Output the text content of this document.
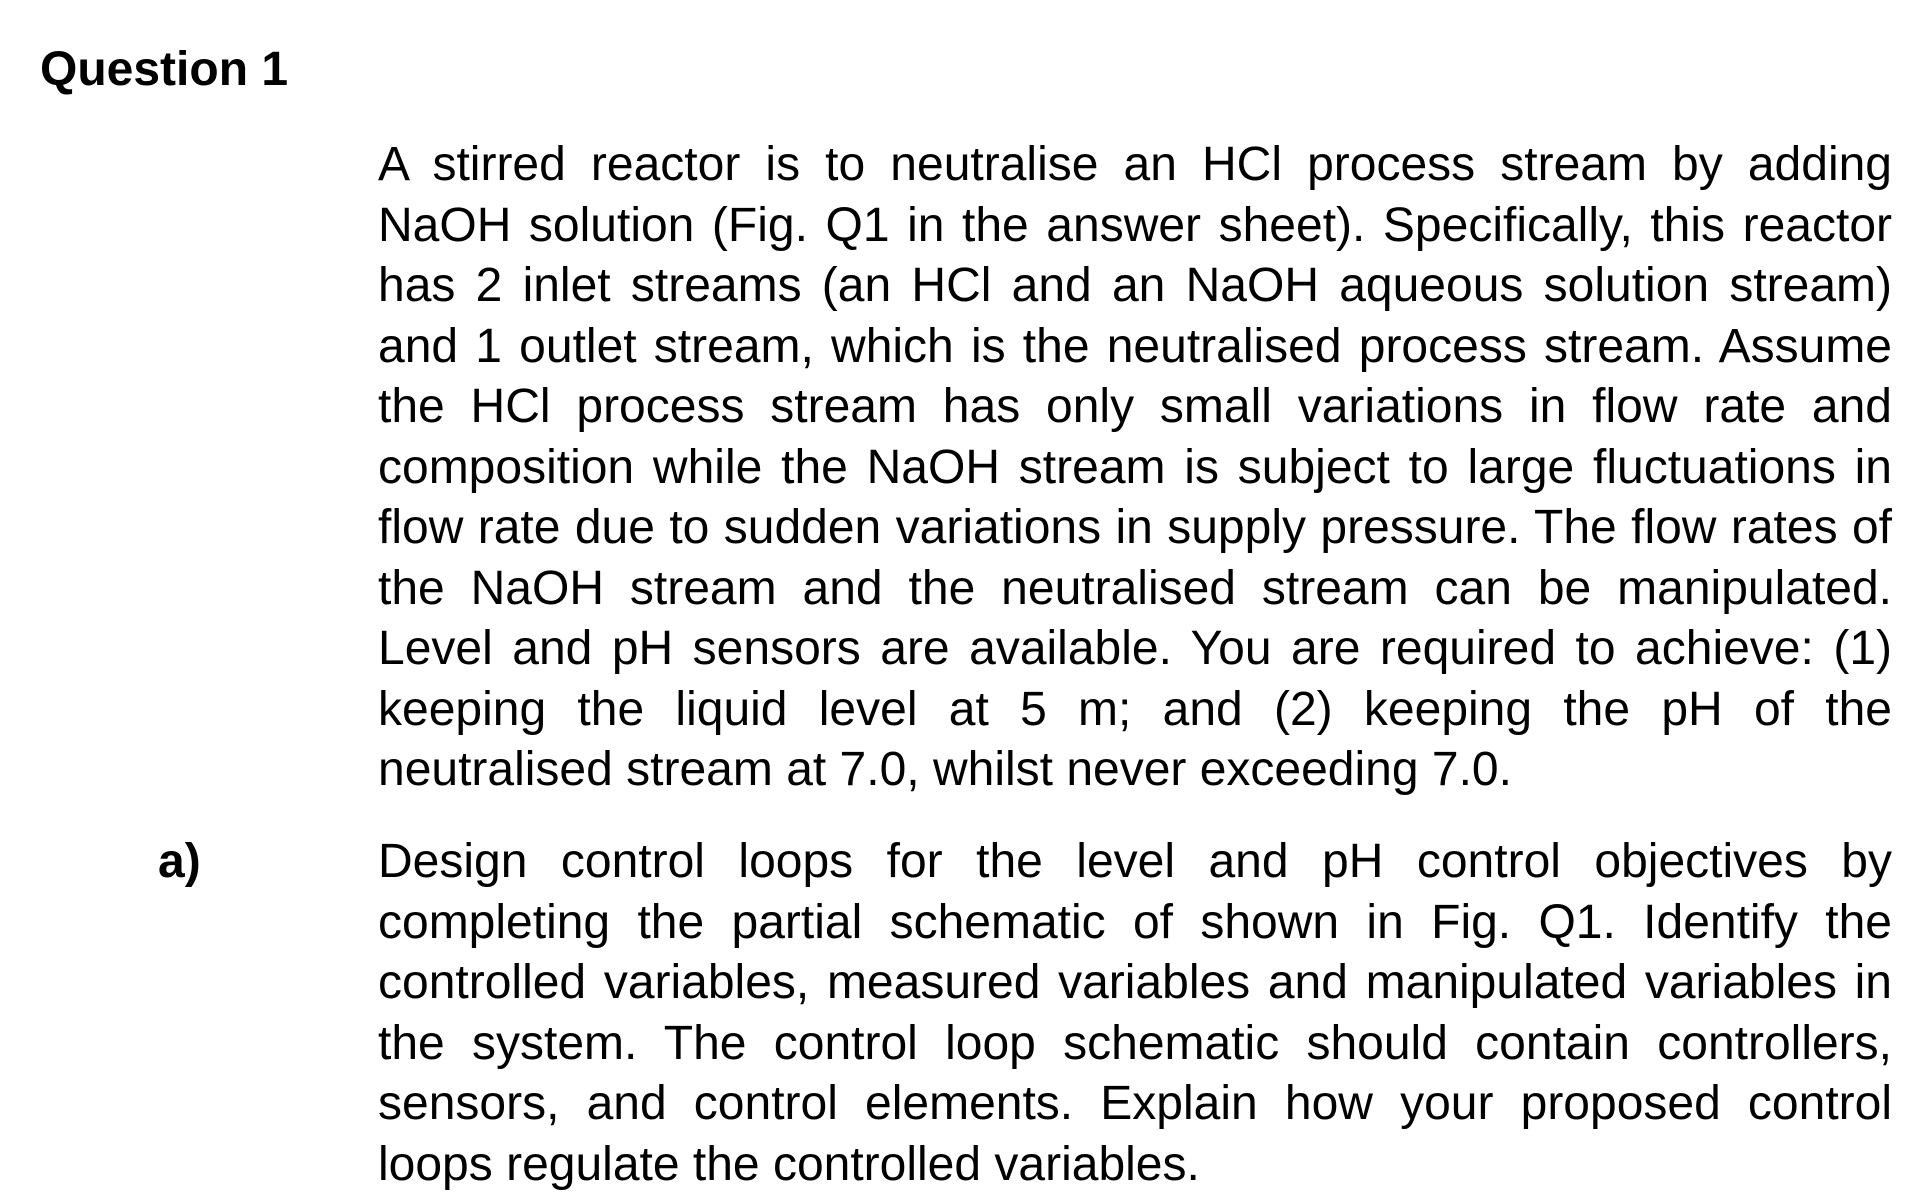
Question 1

A stirred reactor is to neutralise an HCl process stream by adding NaOH solution (Fig. Q1 in the answer sheet). Specifically, this reactor has 2 inlet streams (an HCl and an NaOH aqueous solution stream) and 1 outlet stream, which is the neutralised process stream. Assume the HCl process stream has only small variations in flow rate and composition while the NaOH stream is subject to large fluctuations in flow rate due to sudden variations in supply pressure. The flow rates of the NaOH stream and the neutralised stream can be manipulated. Level and pH sensors are available. You are required to achieve: (1) keeping the liquid level at 5 m; and (2) keeping the pH of the neutralised stream at 7.0, whilst never exceeding 7.0.

a)	Design control loops for the level and pH control objectives by completing the partial schematic of shown in Fig. Q1. Identify the controlled variables, measured variables and manipulated variables in the system. The control loop schematic should contain controllers, sensors, and control elements. Explain how your proposed control loops regulate the controlled variables.
